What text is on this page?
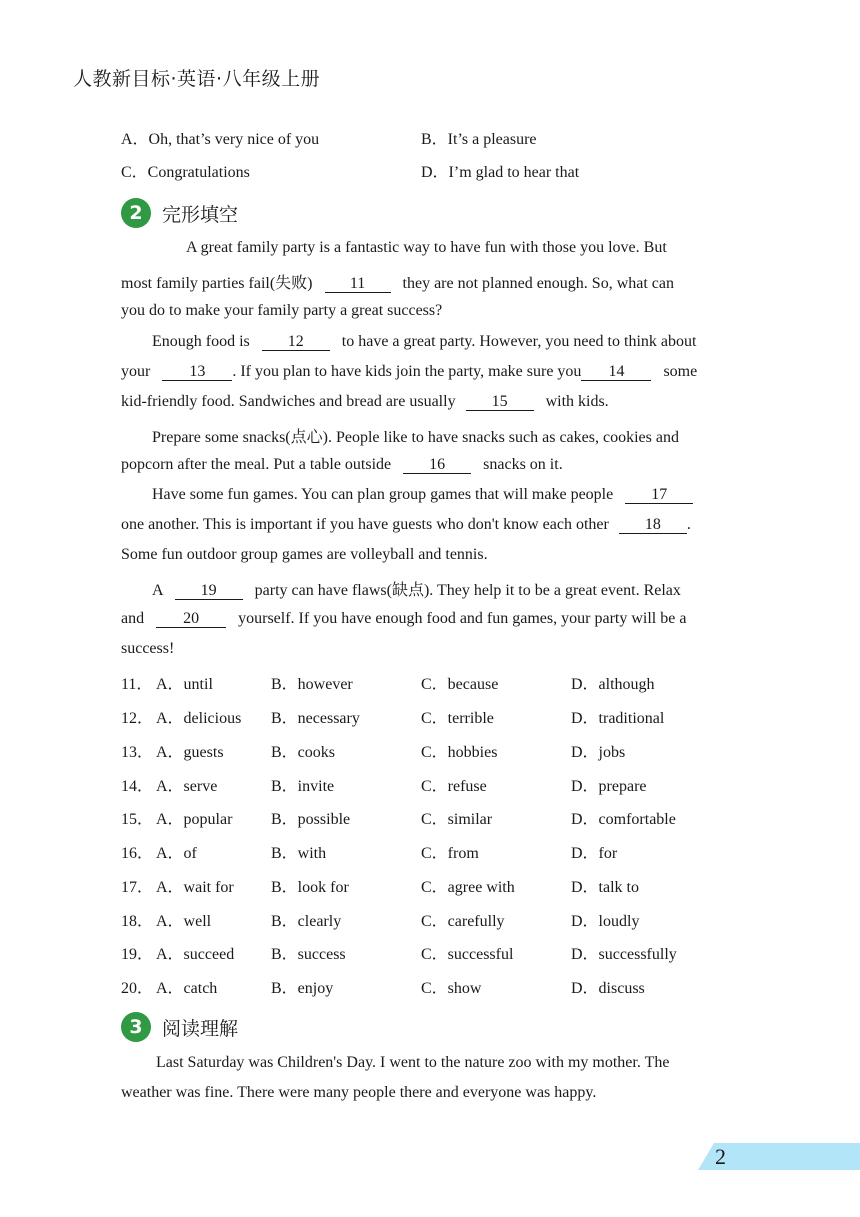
人教新目标·英语·八年级上册
A．Oh, that’s very nice of you	B．It’s a pleasure
C．Congratulations	D．I’m glad to hear that
2	完形填空
A great family party is a fantastic way to have fun with those you love. But
most family parties fail(失败) 11 they are not planned enough. So, what can
you do to make your family party a great success?
Enough food is 12 to have a great party. However, you need to think about
your 13 . If you plan to have kids join the party, make sure you 14 some
kid-friendly food. Sandwiches and bread are usually 15 with kids.
Prepare some snacks(点心). People like to have snacks such as cakes, cookies and
popcorn after the meal. Put a table outside 16 snacks on it.
Have some fun games. You can plan group games that will make people 17
one another. This is important if you have guests who don't know each other 18 .
Some fun outdoor group games are volleyball and tennis.
A 19 party can have flaws(缺点). They help it to be a great event. Relax
and 20 yourself. If you have enough food and fun games, your party will be a
success!
11． A．until	B．however	C．because	D．although
12． A．delicious B．necessary	C．terrible	D．traditional
13． A．guests	B．cooks	C．hobbies	D．jobs
14． A．serve	B．invite	C．refuse	D．prepare
15． A．popular B．possible	C．similar	D．comfortable
16． A．of	B．with	C．from	D．for
17． A．wait for B．look for	C．agree with	D．talk to
18． A．well	B．clearly	C．carefully	D．loudly
19． A．succeed B．success	C．successful	D．successfully
20． A．catch	B．enjoy	C．show	D．discuss
3	阅读理解
Last Saturday was Children's Day. I went to the nature zoo with my mother. The
weather was fine. There were many people there and everyone was happy.
2
